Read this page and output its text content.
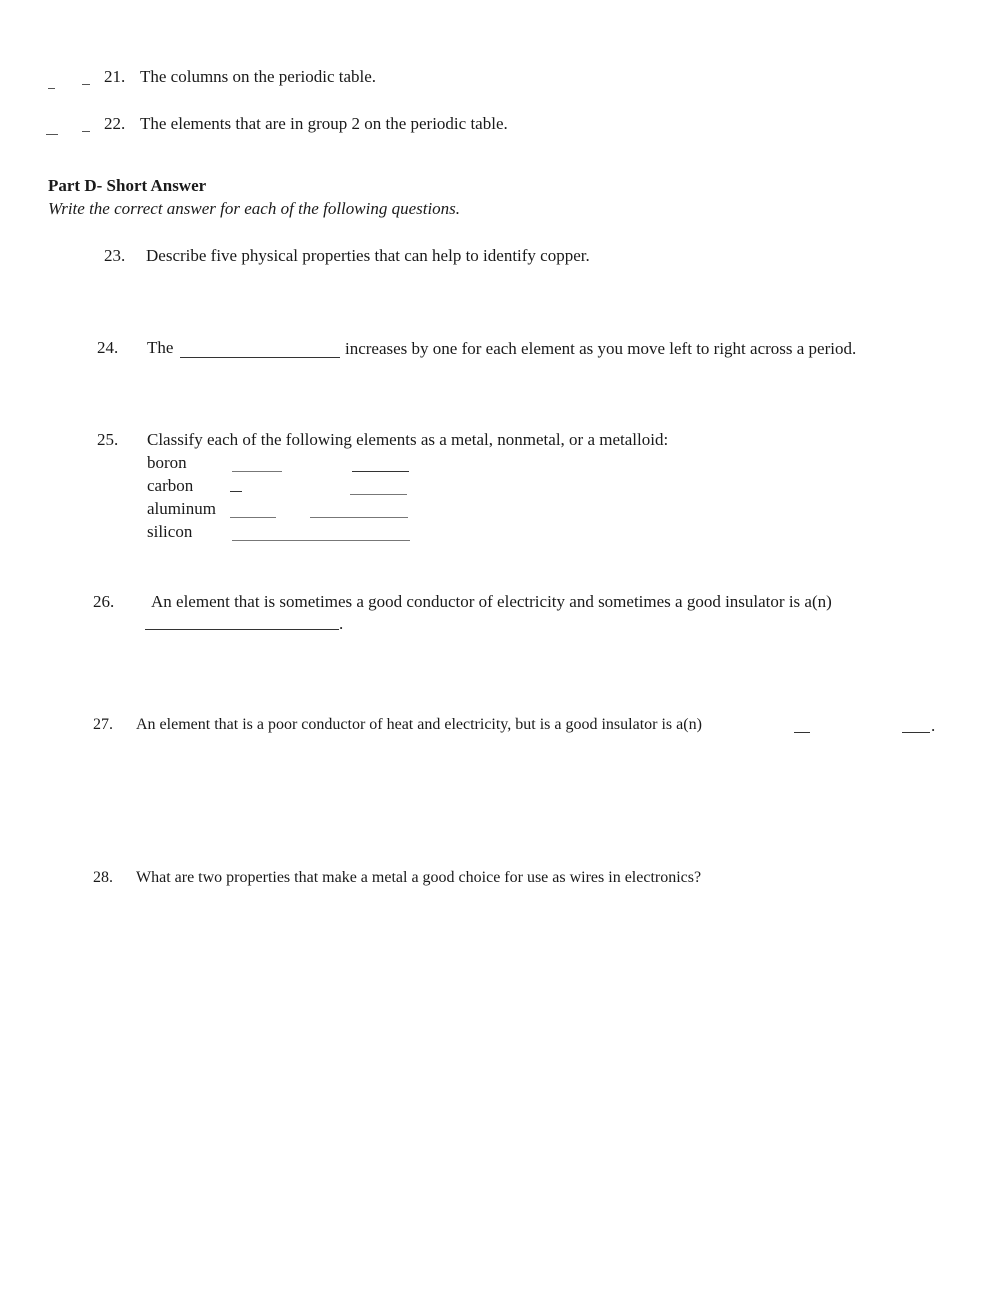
21. The columns on the periodic table.
22. The elements that are in group 2 on the periodic table.
Part D- Short Answer
Write the correct answer for each of the following questions.
23. Describe five physical properties that can help to identify copper.
24. The	increases by one for each element as you move left to right across a period.
25. Classify each of the following elements as a metal, nonmetal, or a metalloid:
boron
carbon
aluminum
silicon
26. An element that is sometimes a good conductor of electricity and sometimes a good insulator is a(n)
.
27. An element that is a poor conductor of heat and electricity, but is a good insulator is a(n)	.
28. What are two properties that make a metal a good choice for use as wires in electronics?
